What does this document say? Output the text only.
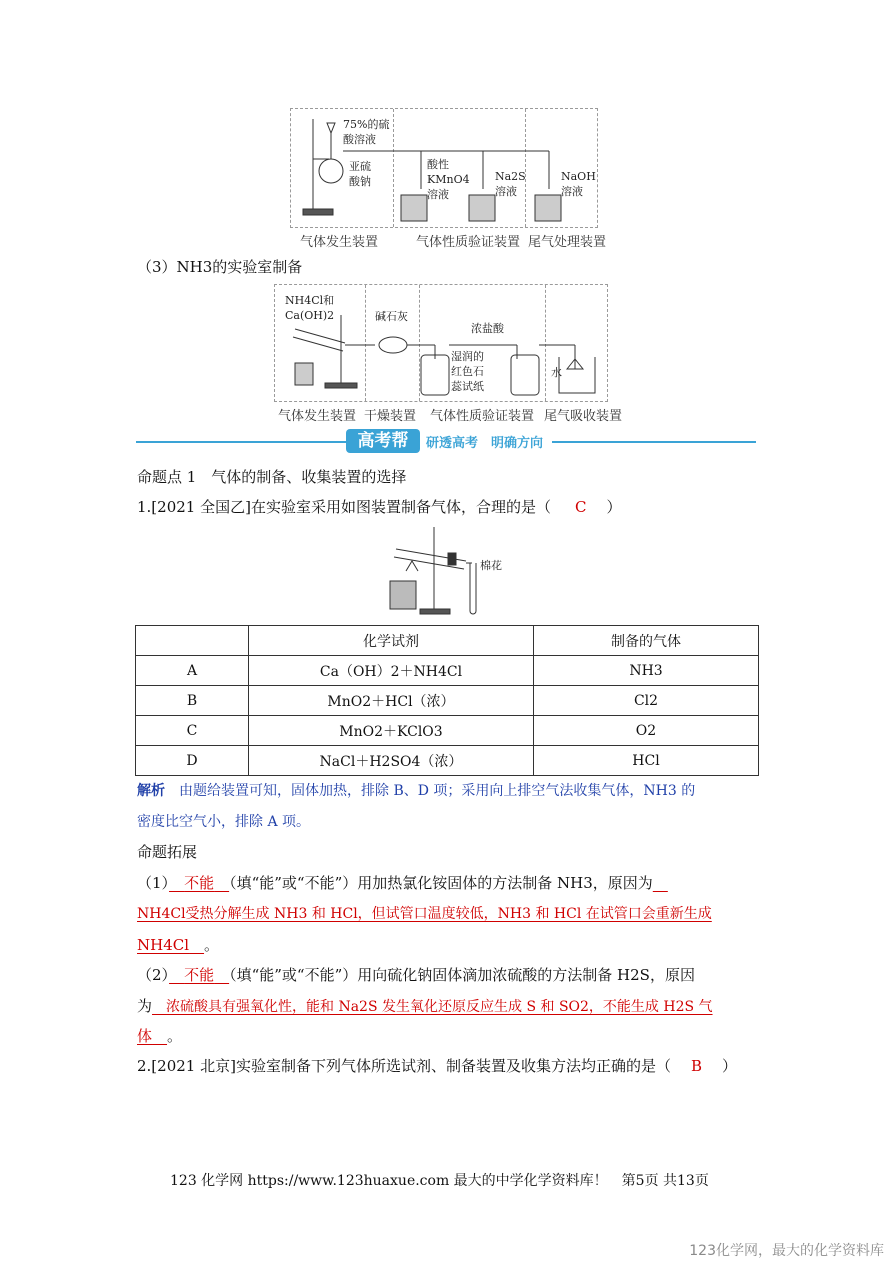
75%的硫
酸溶液
亚硫
酸钠
酸性
KMnO4
溶液
Na2S
溶液
NaOH
溶液
气体发生装置	气体性质验证装置 尾气处理装置
（3）NH3的实验室制备
NH4Cl和
Ca(OH)2	碱石灰
浓盐酸
湿润的
红色石
蕊试纸
水
气体发生装置 干燥装置 气体性质验证装置 尾气吸收装置
高考帮	研透高考　明确方向
命题点 1　气体的制备、收集装置的选择
1.[2021 全国乙]在实验室采用如图装置制备气体，合理的是（ C ）
棉花
	化学试剂	制备的气体
A	Ca（OH）2＋NH4Cl	NH3
B	MnO2＋HCl（浓）	Cl2
C	MnO2＋KClO3	O2
D	NaCl＋H2SO4（浓）	HCl
解析　 由题给装置可知，固体加热，排除 B、D 项；采用向上排空气法收集气体，NH3 的
密度比空气小，排除 A 项。
命题拓展
（1）　 不能　 （填“能”或“不能”）用加热氯化铵固体的方法制备 NH3，原因为　
NH4Cl受热分解生成 NH3 和 HCl，但试管口温度较低，NH3 和 HCl 在试管口会重新生成
NH4Cl　 。
（2）　 不能　 （填“能”或“不能”）用向硫化钠固体滴加浓硫酸的方法制备 H2S，原因
为　 浓硫酸具有强氧化性，能和 Na2S 发生氧化还原反应生成 S 和 SO2，不能生成 H2S 气
体　 。
2.[2021 北京]实验室制备下列气体所选试剂、制备装置及收集方法均正确的是（ B ）
123 化学网 https://www.123huaxue.com 最大的中学化学资料库！　第5页 共13页
123化学网，最大的化学资料库
